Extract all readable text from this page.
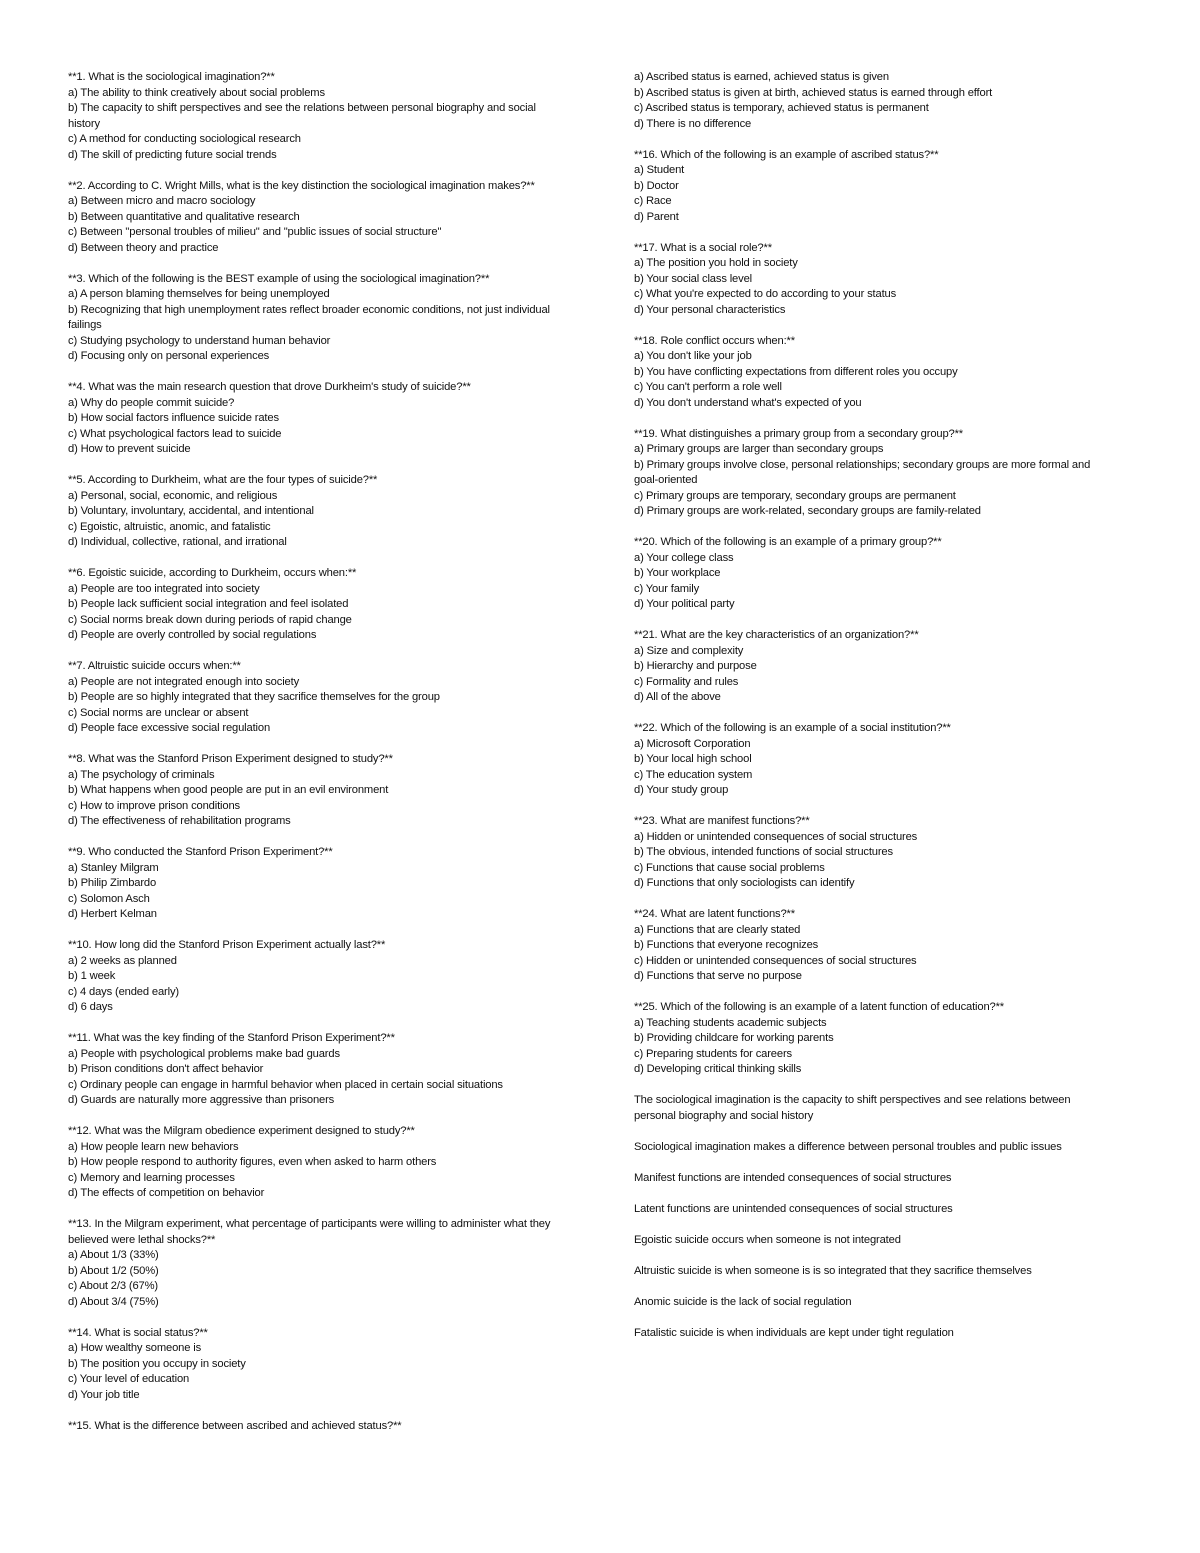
**1. What is the sociological imagination?**
a) The ability to think creatively about social problems
b) The capacity to shift perspectives and see the relations between personal biography and social history
c) A method for conducting sociological research
d) The skill of predicting future social trends
**2. According to C. Wright Mills, what is the key distinction the sociological imagination makes?**
a) Between micro and macro sociology
b) Between quantitative and qualitative research
c) Between "personal troubles of milieu" and "public issues of social structure"
d) Between theory and practice
**3. Which of the following is the BEST example of using the sociological imagination?**
a) A person blaming themselves for being unemployed
b) Recognizing that high unemployment rates reflect broader economic conditions, not just individual failings
c) Studying psychology to understand human behavior
d) Focusing only on personal experiences
**4. What was the main research question that drove Durkheim's study of suicide?**
a) Why do people commit suicide?
b) How social factors influence suicide rates
c) What psychological factors lead to suicide
d) How to prevent suicide
**5. According to Durkheim, what are the four types of suicide?**
a) Personal, social, economic, and religious
b) Voluntary, involuntary, accidental, and intentional
c) Egoistic, altruistic, anomic, and fatalistic
d) Individual, collective, rational, and irrational
**6. Egoistic suicide, according to Durkheim, occurs when:**
a) People are too integrated into society
b) People lack sufficient social integration and feel isolated
c) Social norms break down during periods of rapid change
d) People are overly controlled by social regulations
**7. Altruistic suicide occurs when:**
a) People are not integrated enough into society
b) People are so highly integrated that they sacrifice themselves for the group
c) Social norms are unclear or absent
d) People face excessive social regulation
**8. What was the Stanford Prison Experiment designed to study?**
a) The psychology of criminals
b) What happens when good people are put in an evil environment
c) How to improve prison conditions
d) The effectiveness of rehabilitation programs
**9. Who conducted the Stanford Prison Experiment?**
a) Stanley Milgram
b) Philip Zimbardo
c) Solomon Asch
d) Herbert Kelman
**10. How long did the Stanford Prison Experiment actually last?**
a) 2 weeks as planned
b) 1 week
c) 4 days (ended early)
d) 6 days
**11. What was the key finding of the Stanford Prison Experiment?**
a) People with psychological problems make bad guards
b) Prison conditions don't affect behavior
c) Ordinary people can engage in harmful behavior when placed in certain social situations
d) Guards are naturally more aggressive than prisoners
**12. What was the Milgram obedience experiment designed to study?**
a) How people learn new behaviors
b) How people respond to authority figures, even when asked to harm others
c) Memory and learning processes
d) The effects of competition on behavior
**13. In the Milgram experiment, what percentage of participants were willing to administer what they believed were lethal shocks?**
a) About 1/3 (33%)
b) About 1/2 (50%)
c) About 2/3 (67%)
d) About 3/4 (75%)
**14. What is social status?**
a) How wealthy someone is
b) The position you occupy in society
c) Your level of education
d) Your job title
**15. What is the difference between ascribed and achieved status?**
a) Ascribed status is earned, achieved status is given
b) Ascribed status is given at birth, achieved status is earned through effort
c) Ascribed status is temporary, achieved status is permanent
d) There is no difference
**16. Which of the following is an example of ascribed status?**
a) Student
b) Doctor
c) Race
d) Parent
**17. What is a social role?**
a) The position you hold in society
b) Your social class level
c) What you're expected to do according to your status
d) Your personal characteristics
**18. Role conflict occurs when:**
a) You don't like your job
b) You have conflicting expectations from different roles you occupy
c) You can't perform a role well
d) You don't understand what's expected of you
**19. What distinguishes a primary group from a secondary group?**
a) Primary groups are larger than secondary groups
b) Primary groups involve close, personal relationships; secondary groups are more formal and goal-oriented
c) Primary groups are temporary, secondary groups are permanent
d) Primary groups are work-related, secondary groups are family-related
**20. Which of the following is an example of a primary group?**
a) Your college class
b) Your workplace
c) Your family
d) Your political party
**21. What are the key characteristics of an organization?**
a) Size and complexity
b) Hierarchy and purpose
c) Formality and rules
d) All of the above
**22. Which of the following is an example of a social institution?**
a) Microsoft Corporation
b) Your local high school
c) The education system
d) Your study group
**23. What are manifest functions?**
a) Hidden or unintended consequences of social structures
b) The obvious, intended functions of social structures
c) Functions that cause social problems
d) Functions that only sociologists can identify
**24. What are latent functions?**
a) Functions that are clearly stated
b) Functions that everyone recognizes
c) Hidden or unintended consequences of social structures
d) Functions that serve no purpose
**25. Which of the following is an example of a latent function of education?**
a) Teaching students academic subjects
b) Providing childcare for working parents
c) Preparing students for careers
d) Developing critical thinking skills
The sociological imagination is the capacity to shift perspectives and see relations between personal biography and social history
Sociological imagination makes a difference between personal troubles and public issues
Manifest functions are intended consequences of social structures
Latent functions are unintended consequences of social structures
Egoistic suicide occurs when someone is not integrated
Altruistic suicide is when someone is is so integrated that they sacrifice themselves
Anomic suicide is the lack of social regulation
Fatalistic suicide is when individuals are kept under tight regulation
